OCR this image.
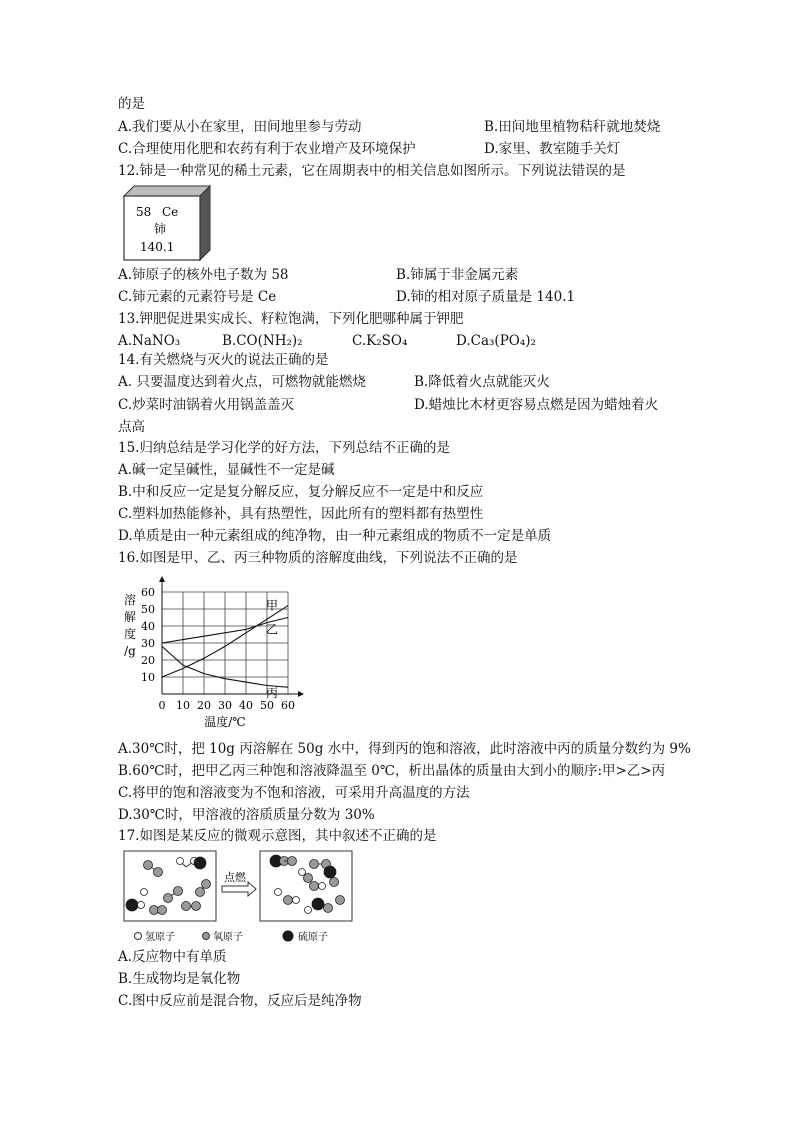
的是
A.我们要从小在家里，田间地里参与劳动	B.田间地里植物秸秆就地焚烧
C.合理使用化肥和农药有利于农业增产及环境保护	D.家里、教室随手关灯
12.铈是一种常见的稀土元素，它在周期表中的相关信息如图所示。下列说法错误的是
58 Ce
铈
140.1
A.铈原子的核外电子数为 58	B.铈属于非金属元素
C.铈元素的元素符号是 Ce	D.铈的相对原子质量是 140.1
13.钾肥促进果实成长、籽粒饱满，下列化肥哪种属于钾肥
A.NaNO₃	B.CO(NH₂)₂	C.K₂SO₄	D.Ca₃(PO₄)₂
14.有关燃烧与灭火的说法正确的是
A. 只要温度达到着火点，可燃物就能燃烧	B.降低着火点就能灭火
C.炒菜时油锅着火用锅盖盖灭	D.蜡烛比木材更容易点燃是因为蜡烛着火
点高
15.归纳总结是学习化学的好方法，下列总结不正确的是
A.碱一定呈碱性，显碱性不一定是碱
B.中和反应一定是复分解反应，复分解反应不一定是中和反应
C.塑料加热能修补，具有热塑性，因此所有的塑料都有热塑性
D.单质是由一种元素组成的纯净物，由一种元素组成的物质不一定是单质
16.如图是甲、乙、丙三种物质的溶解度曲线，下列说法不正确的是
10
20
30
40
50
60
0 10 20 30 40 50 60
溶
解
度
/g
温度/℃
甲
乙
丙
A.30℃时，把 10g 丙溶解在 50g 水中，得到丙的饱和溶液，此时溶液中丙的质量分数约为 9%
B.60℃时，把甲乙丙三种饱和溶液降温至 0℃，析出晶体的质量由大到小的顺序:甲>乙>丙
C.将甲的饱和溶液变为不饱和溶液，可采用升高温度的方法
D.30℃时，甲溶液的溶质质量分数为 30%
17.如图是某反应的微观示意图，其中叙述不正确的是
点燃
氢原子	氧原子	硫原子
A.反应物中有单质
B.生成物均是氧化物
C.图中反应前是混合物，反应后是纯净物
